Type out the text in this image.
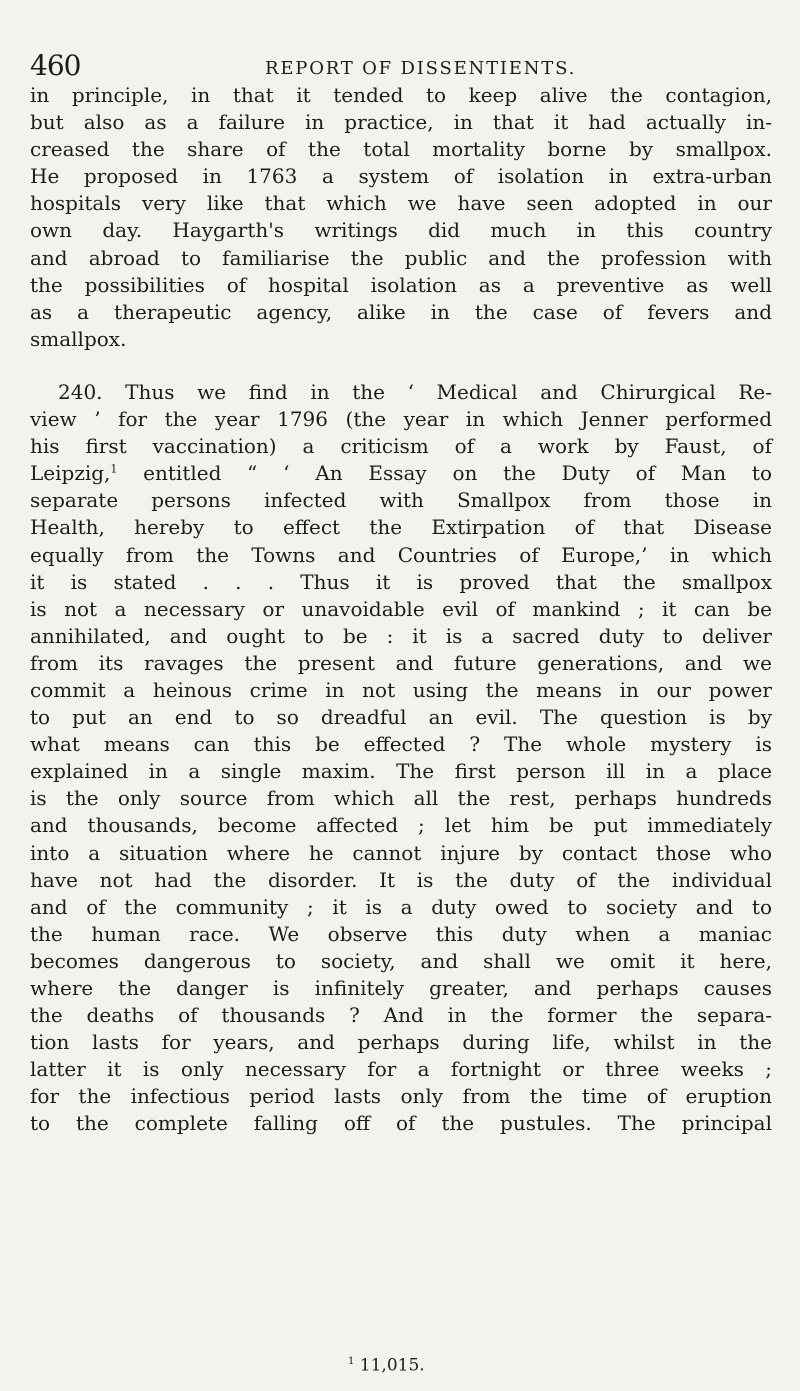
460	REPORT OF DISSENTIENTS.
in principle, in that it tended to keep alive the contagion,
but also as a failure in practice, in that it had actually in-
creased the share of the total mortality borne by smallpox.
He proposed in 1763 a system of isolation in extra-urban
hospitals very like that which we have seen adopted in our
own day. Haygarth's writings did much in this country
and abroad to familiarise the public and the profession with
the possibilities of hospital isolation as a preventive as well
as a therapeutic agency, alike in the case of fevers and
smallpox.
240. Thus we find in the ‘ Medical and Chirurgical Re-
view ’ for the year 1796 (the year in which Jenner performed
his first vaccination) a criticism of a work by Faust, of
Leipzig,$^1$ entitled “ ‘ An Essay on the Duty of Man to
separate persons infected with Smallpox from those in
Health, hereby to effect the Extirpation of that Disease
equally from the Towns and Countries of Europe,’ in which
it is stated . . . Thus it is proved that the smallpox
is not a necessary or unavoidable evil of mankind ; it can be
annihilated, and ought to be : it is a sacred duty to deliver
from its ravages the present and future generations, and we
commit a heinous crime in not using the means in our power
to put an end to so dreadful an evil. The question is by
what means can this be effected ? The whole mystery is
explained in a single maxim. The first person ill in a place
is the only source from which all the rest, perhaps hundreds
and thousands, become affected ; let him be put immediately
into a situation where he cannot injure by contact those who
have not had the disorder. It is the duty of the individual
and of the community ; it is a duty owed to society and to
the human race. We observe this duty when a maniac
becomes dangerous to society, and shall we omit it here,
where the danger is infinitely greater, and perhaps causes
the deaths of thousands ? And in the former the separa-
tion lasts for years, and perhaps during life, whilst in the
latter it is only necessary for a fortnight or three weeks ;
for the infectious period lasts only from the time of eruption
to the complete falling off of the pustules. The principal
$^1$ 11,015.
